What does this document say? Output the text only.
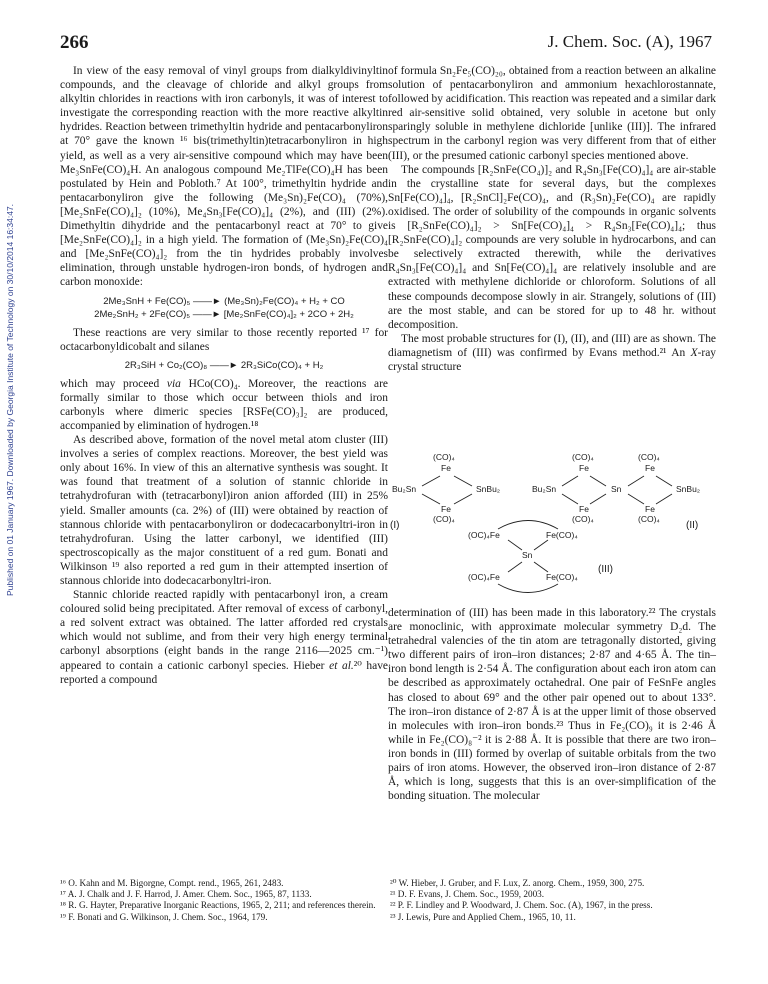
Published on 01 January 1967. Downloaded by Georgia Institute of Technology on 30/10/2014 16:34:47.
266	J. Chem. Soc. (A), 1967

In view of the easy removal of vinyl groups from dialkyldivinyltin compounds, and the cleavage of chloride and alkyl groups from alkyltin chlorides in reactions with iron carbonyls, it was of interest to investigate the corresponding reaction with the more reactive alkyltin hydrides. Reaction between trimethyltin hydride and pentacarbonyliron at 70° gave the known ¹⁶ bis(trimethyltin)tetracarbonyliron in high yield, as well as a very air-sensitive compound which may have been Me₃SnFe(CO)₄H. An analogous compound Me₂TlFe(CO)₄H has been postulated by Hein and Pobloth.⁷ At 100°, trimethyltin hydride and pentacarbonyliron give the following (Me₃Sn)₂Fe(CO)₄ (70%), [Me₂SnFe(CO)₄]₂ (10%), Me₄Sn₃[Fe(CO)₄]₄ (2%), and (III) (2%). Dimethyltin dihydride and the pentacarbonyl react at 70° to give [Me₂SnFe(CO)₄]₂ in a high yield. The formation of (Me₃Sn)₂Fe(CO)₄ and [Me₂SnFe(CO)₄]₂ from the tin hydrides probably involves elimination, through unstable hydrogen-iron bonds, of hydrogen and carbon monoxide:

2Me₃SnH + Fe(CO)₅ ——► (Me₃Sn)₂Fe(CO)₄ + H₂ + CO
2Me₂SnH₂ + 2Fe(CO)₅ ——► [Me₂SnFe(CO)₄]₂ + 2CO + 2H₂

These reactions are very similar to those recently reported ¹⁷ for octacarbonyldicobalt and silanes

2R₃SiH + Co₂(CO)₈ ——► 2R₃SiCo(CO)₄ + H₂

which may proceed via HCo(CO)₄. Moreover, the reactions are formally similar to those which occur between thiols and iron carbonyls where dimeric species [RSFe(CO)₃]₂ are produced, accompanied by elimination of hydrogen.¹⁸

As described above, formation of the novel metal atom cluster (III) involves a series of complex reactions. Moreover, the best yield was only about 16%. In view of this an alternative synthesis was sought. It was found that treatment of a solution of stannic chloride in tetrahydrofuran with (tetracarbonyl)iron anion afforded (III) in 25% yield. Smaller amounts (ca. 2%) of (III) were obtained by reaction of stannous chloride with pentacarbonyliron or dodecacarbonyltri-iron in tetrahydrofuran. Using the latter carbonyl, we identified (III) spectroscopically as the major constituent of a red gum. Bonati and Wilkinson ¹⁹ also reported a red gum in their attempted insertion of stannous chloride into dodecacarbonyltri-iron.

Stannic chloride reacted rapidly with pentacarbonyl iron, a cream coloured solid being precipitated. After removal of excess of carbonyl, a red solvent extract was obtained. The latter afforded red crystals which would not sublime, and from their very high energy terminal carbonyl absorptions (eight bands in the range 2116—2025 cm.⁻¹) appeared to contain a cationic carbonyl species. Hieber et al.²⁰ have reported a compound

of formula Sn₂Fe₅(CO)₂₀, obtained from a reaction between an alkaline solution of pentacarbonyliron and ammonium hexachlorostannate, followed by acidification. This reaction was repeated and a similar dark red air-sensitive solid obtained, very soluble in acetone but only sparingly soluble in methylene dichloride [unlike (III)]. The infrared spectrum in the carbonyl region was very different from that of either (III), or the presumed cationic carbonyl species mentioned above.

The compounds [R₂SnFe(CO₄)]₂ and R₄Sn₃[Fe(CO)₄]₄ are air-stable in the crystalline state for several days, but the complexes Sn[Fe(CO)₄]₄, [R₂SnCl]₂Fe(CO)₄, and (R₃Sn)₂Fe(CO)₄ are rapidly oxidised. The order of solubility of the compounds in organic solvents is [R₂SnFe(CO)₄]₂ > Sn[Fe(CO)₄]₄ > R₄Sn₃[Fe(CO)₄]₄; thus [R₂SnFe(CO)₄]₂ compounds are very soluble in hydrocarbons, and can be selectively extracted therewith, while the derivatives R₄Sn₃[Fe(CO)₄]₄ and Sn[Fe(CO)₄]₄ are relatively insoluble and are extracted with methylene dichloride or chloroform. Solutions of all these compounds decompose slowly in air. Strangely, solutions of (III) are the most stable, and can be stored for up to 48 hr. without decomposition.

The most probable structures for (I), (II), and (III) are as shown. The diamagnetism of (III) was confirmed by Evans method.²¹ An X-ray crystal structure

(CO)₄
Fe
Bu₂Sn	SnBu₂
Fe
(CO)₄
(I)
(CO)₄	(CO)₄
Fe	Fe
Bu₂Sn	Sn	SnBu₂
Fe	Fe
(CO)₄	(CO)₄
(II)
(OC)₄Fe	Fe(CO)₄
Sn
(OC)₄Fe	Fe(CO)₄
(III)

determination of (III) has been made in this laboratory.²² The crystals are monoclinic, with approximate molecular symmetry D₂d. The tetrahedral valencies of the tin atom are tetragonally distorted, giving two different pairs of iron–iron distances; 2·87 and 4·65 Å. The tin–iron bond length is 2·54 Å. The configuration about each iron atom can be described as approximately octahedral. One pair of FeSnFe angles has closed to about 69° and the other pair opened out to about 133°. The iron–iron distance of 2·87 Å is at the upper limit of those observed in molecules with iron–iron bonds.²³ Thus in Fe₂(CO)₉ it is 2·46 Å while in Fe₂(CO)₈⁻² it is 2·88 Å. It is possible that there are two iron–iron bonds in (III) formed by overlap of suitable orbitals from the two pairs of iron atoms. However, the observed iron–iron distance of 2·87 Å, which is long, suggests that this is an over-simplification of the bonding situation. The molecular

¹⁶ O. Kahn and M. Bigorgne, Compt. rend., 1965, 261, 2483.
¹⁷ A. J. Chalk and J. F. Harrod, J. Amer. Chem. Soc., 1965, 87, 1133.
¹⁸ R. G. Hayter, Preparative Inorganic Reactions, 1965, 2, 211; and references therein.
¹⁹ F. Bonati and G. Wilkinson, J. Chem. Soc., 1964, 179.
²⁰ W. Hieber, J. Gruber, and F. Lux, Z. anorg. Chem., 1959, 300, 275.
²¹ D. F. Evans, J. Chem. Soc., 1959, 2003.
²² P. F. Lindley and P. Woodward, J. Chem. Soc. (A), 1967, in the press.
²³ J. Lewis, Pure and Applied Chem., 1965, 10, 11.
